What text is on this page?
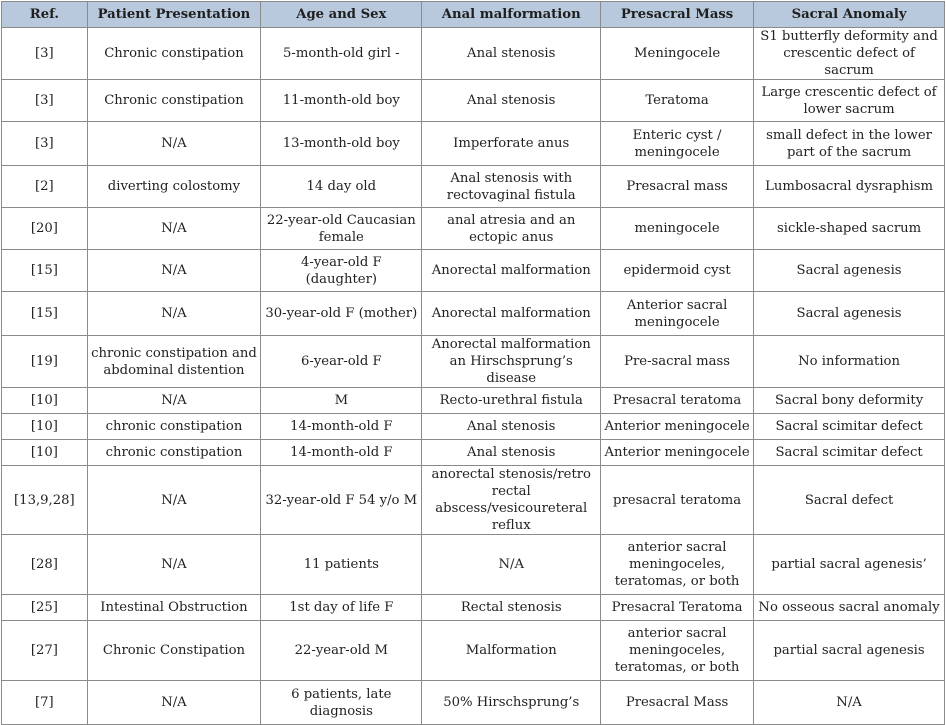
Ref.	Patient Presentation	Age and Sex	Anal malformation	Presacral Mass	Sacral Anomaly
[3]	Chronic constipation	5-month-old girl -	Anal stenosis	Meningocele	S1 butterfly deformity and crescentic defect of sacrum
[3]	Chronic constipation	11-month-old boy	Anal stenosis	Teratoma	Large crescentic defect of lower sacrum
[3]	N/A	13-month-old boy	Imperforate anus	Enteric cyst / meningocele	small defect in the lower part of the sacrum
[2]	diverting colostomy	14 day old	Anal stenosis with rectovaginal fistula	Presacral mass	Lumbosacral dysraphism
[20]	N/A	22-year-old Caucasian female	anal atresia and an ectopic anus	meningocele	sickle-shaped sacrum
[15]	N/A	4-year-old F (daughter)	Anorectal malformation	epidermoid cyst	Sacral agenesis
[15]	N/A	30-year-old F (mother)	Anorectal malformation	Anterior sacral meningocele	Sacral agenesis
[19]	chronic constipation and abdominal distention	6-year-old F	Anorectal malformation an Hirschsprung’s disease	Pre-sacral mass	No information
[10]	N/A	M	Recto-urethral fistula	Presacral teratoma	Sacral bony deformity
[10]	chronic constipation	14-month-old F	Anal stenosis	Anterior meningocele	Sacral scimitar defect
[10]	chronic constipation	14-month-old F	Anal stenosis	Anterior meningocele	Sacral scimitar defect
[13,9,28]	N/A	32-year-old F 54 y/o M	anorectal stenosis/retro rectal abscess/vesicoureteral reflux	presacral teratoma	Sacral defect
[28]	N/A	11 patients	N/A	anterior sacral meningoceles, teratomas, or both	partial sacral agenesis’
[25]	Intestinal Obstruction	1st day of life F	Rectal stenosis	Presacral Teratoma	No osseous sacral anomaly
[27]	Chronic Constipation	22-year-old M	Malformation	anterior sacral meningoceles, teratomas, or both	partial sacral agenesis
[7]	N/A	6 patients, late diagnosis	50% Hirschsprung’s	Presacral Mass	N/A
